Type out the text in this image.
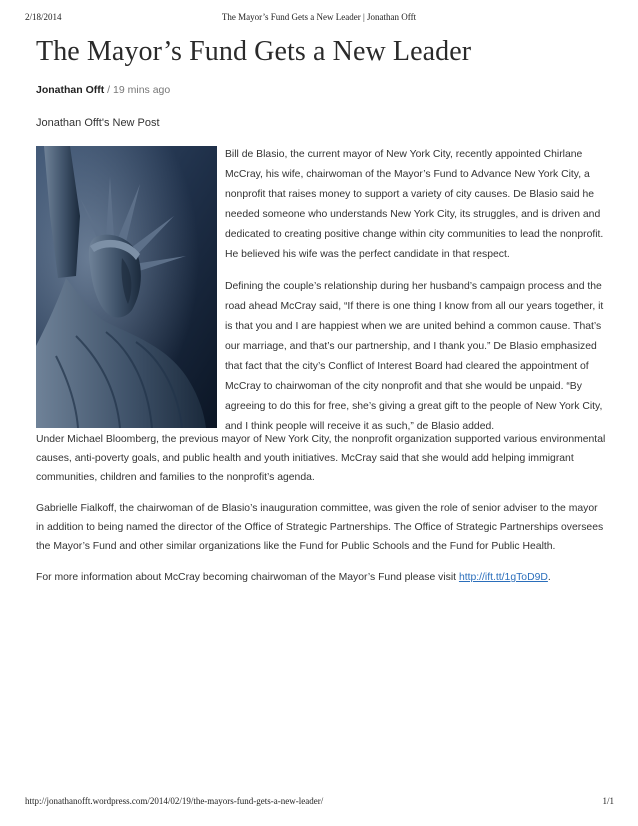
2/18/2014	The Mayor’s Fund Gets a New Leader | Jonathan Offt
The Mayor’s Fund Gets a New Leader
Jonathan Offt / 19 mins ago
Jonathan Offt's New Post

Bill de Blasio, the current mayor of New York City, recently appointed Chirlane McCray, his wife, chairwoman of the Mayor’s Fund to Advance New York City, a nonprofit that raises money to support a variety of city causes. De Blasio said he needed someone who understands New York City, its struggles, and is driven and dedicated to creating positive change within city communities to lead the nonprofit. He believed his wife was the perfect candidate in that respect.

Defining the couple’s relationship during her husband’s campaign process and the road ahead McCray said, “If there is one thing I know from all our years together, it is that you and I are happiest when we are united behind a common cause. That’s our marriage, and that’s our partnership, and I thank you.” De Blasio emphasized that fact that the city’s Conflict of Interest Board had cleared the appointment of McCray to chairwoman of the city nonprofit and that she would be unpaid. “By agreeing to do this for free, she’s giving a great gift to the people of New York City, and I think people will receive it as such,” de Blasio added.

Under Michael Bloomberg, the previous mayor of New York City, the nonprofit organization supported various environmental causes, anti-poverty goals, and public health and youth initiatives. McCray said that she would add helping immigrant communities, children and families to the nonprofit’s agenda.

Gabrielle Fialkoff, the chairwoman of de Blasio’s inauguration committee, was given the role of senior adviser to the mayor in addition to being named the director of the Office of Strategic Partnerships. The Office of Strategic Partnerships oversees the Mayor’s Fund and other similar organizations like the Fund for Public Schools and the Fund for Public Health.

For more information about McCray becoming chairwoman of the Mayor’s Fund please visit http://ift.tt/1gToD9D.

http://jonathanofft.wordpress.com/2014/02/19/the-mayors-fund-gets-a-new-leader/	1/1
